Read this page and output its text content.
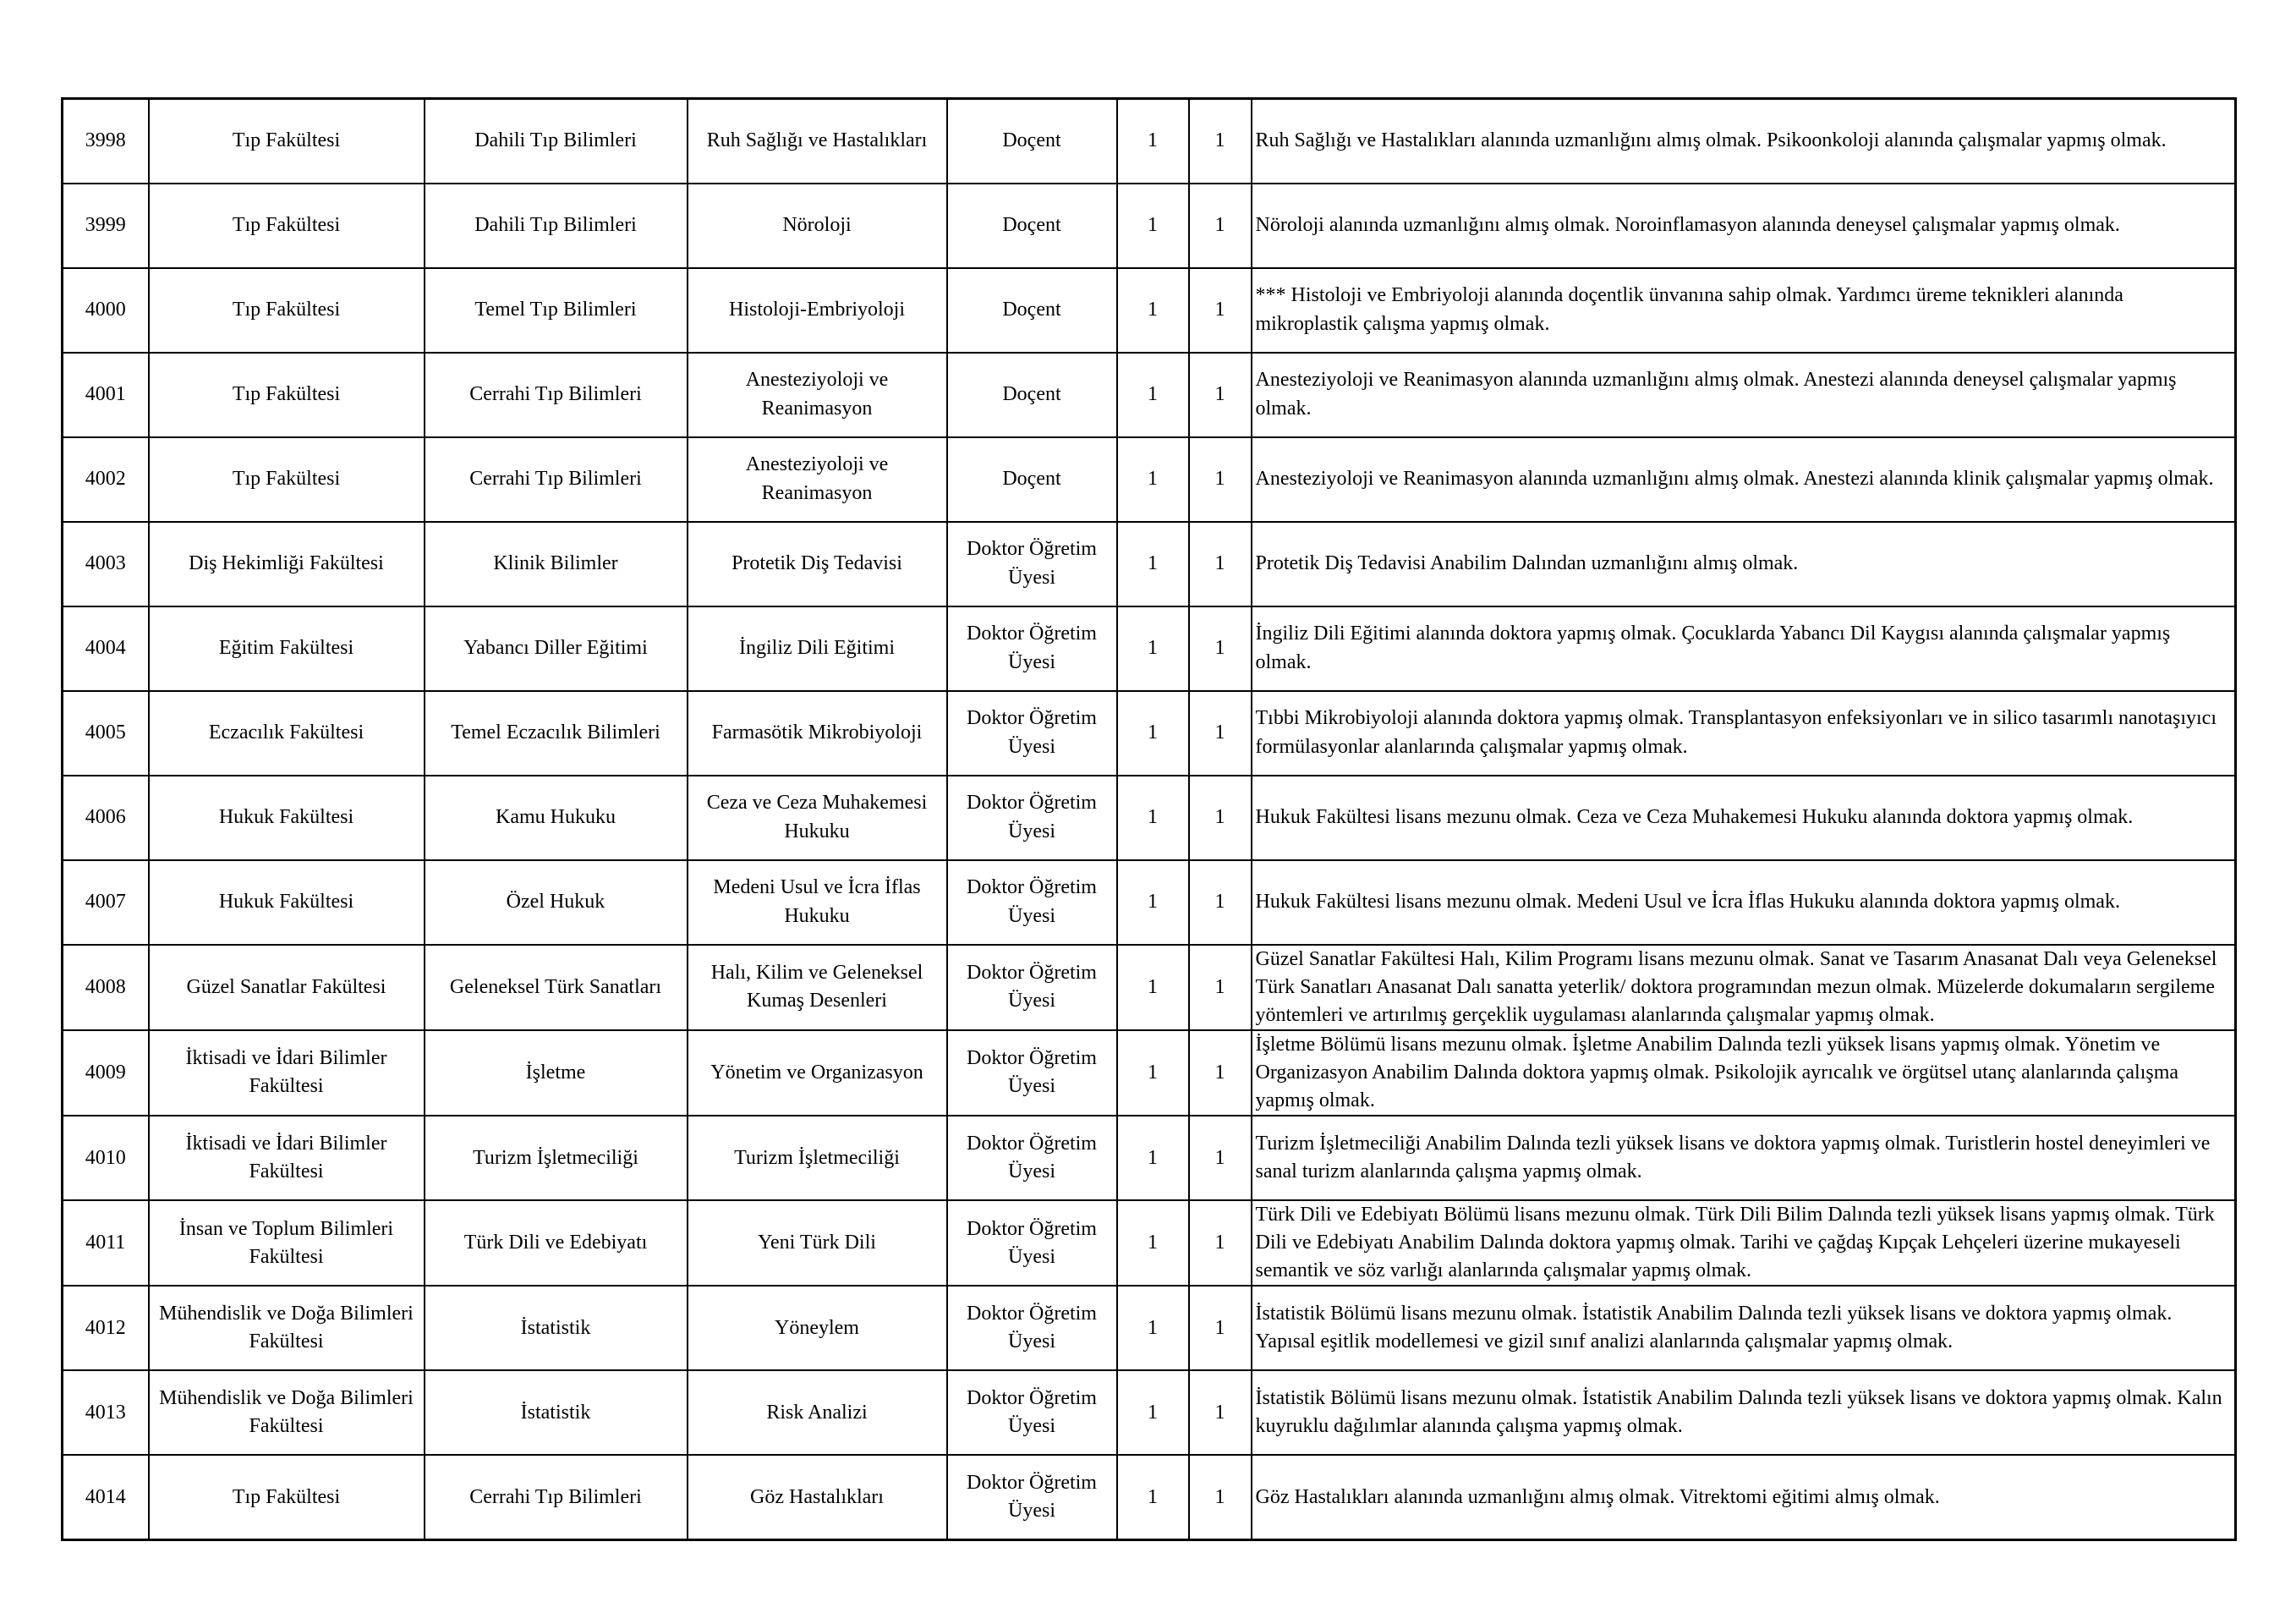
3998	Tıp Fakültesi	Dahili Tıp Bilimleri	Ruh Sağlığı ve Hastalıkları	Doçent	1	1	Ruh Sağlığı ve Hastalıkları alanında uzmanlığını almış olmak. Psikoonkoloji alanında çalışmalar yapmış olmak.
3999	Tıp Fakültesi	Dahili Tıp Bilimleri	Nöroloji	Doçent	1	1	Nöroloji alanında uzmanlığını almış olmak. Noroinflamasyon alanında deneysel çalışmalar yapmış olmak.
4000	Tıp Fakültesi	Temel Tıp Bilimleri	Histoloji-Embriyoloji	Doçent	1	1	*** Histoloji ve Embriyoloji alanında doçentlik ünvanına sahip olmak. Yardımcı üreme teknikleri alanında mikroplastik çalışma yapmış olmak.
4001	Tıp Fakültesi	Cerrahi Tıp Bilimleri	Anesteziyoloji ve Reanimasyon	Doçent	1	1	Anesteziyoloji ve Reanimasyon alanında uzmanlığını almış olmak. Anestezi alanında deneysel çalışmalar yapmış olmak.
4002	Tıp Fakültesi	Cerrahi Tıp Bilimleri	Anesteziyoloji ve Reanimasyon	Doçent	1	1	Anesteziyoloji ve Reanimasyon alanında uzmanlığını almış olmak. Anestezi alanında klinik çalışmalar yapmış olmak.
4003	Diş Hekimliği Fakültesi	Klinik Bilimler	Protetik Diş Tedavisi	Doktor Öğretim Üyesi	1	1	Protetik Diş Tedavisi Anabilim Dalından uzmanlığını almış olmak.
4004	Eğitim Fakültesi	Yabancı Diller Eğitimi	İngiliz Dili Eğitimi	Doktor Öğretim Üyesi	1	1	İngiliz Dili Eğitimi alanında doktora yapmış olmak. Çocuklarda Yabancı Dil Kaygısı alanında çalışmalar yapmış olmak.
4005	Eczacılık Fakültesi	Temel Eczacılık Bilimleri	Farmasötik Mikrobiyoloji	Doktor Öğretim Üyesi	1	1	Tıbbi Mikrobiyoloji alanında doktora yapmış olmak. Transplantasyon enfeksiyonları ve in silico tasarımlı nanotaşıyıcı formülasyonlar alanlarında çalışmalar yapmış olmak.
4006	Hukuk Fakültesi	Kamu Hukuku	Ceza ve Ceza Muhakemesi Hukuku	Doktor Öğretim Üyesi	1	1	Hukuk Fakültesi lisans mezunu olmak. Ceza ve Ceza Muhakemesi Hukuku alanında doktora yapmış olmak.
4007	Hukuk Fakültesi	Özel Hukuk	Medeni Usul ve İcra İflas Hukuku	Doktor Öğretim Üyesi	1	1	Hukuk Fakültesi lisans mezunu olmak. Medeni Usul ve İcra İflas Hukuku alanında doktora yapmış olmak.
4008	Güzel Sanatlar Fakültesi	Geleneksel Türk Sanatları	Halı, Kilim ve Geleneksel Kumaş Desenleri	Doktor Öğretim Üyesi	1	1	Güzel Sanatlar Fakültesi Halı, Kilim Programı lisans mezunu olmak. Sanat ve Tasarım Anasanat Dalı veya Geleneksel Türk Sanatları Anasanat Dalı sanatta yeterlik/ doktora programından mezun olmak. Müzelerde dokumaların sergileme yöntemleri ve artırılmış gerçeklik uygulaması alanlarında çalışmalar yapmış olmak.
4009	İktisadi ve İdari Bilimler Fakültesi	İşletme	Yönetim ve Organizasyon	Doktor Öğretim Üyesi	1	1	İşletme Bölümü lisans mezunu olmak. İşletme Anabilim Dalında tezli yüksek lisans yapmış olmak. Yönetim ve Organizasyon Anabilim Dalında doktora yapmış olmak. Psikolojik ayrıcalık ve örgütsel utanç alanlarında çalışma yapmış olmak.
4010	İktisadi ve İdari Bilimler Fakültesi	Turizm İşletmeciliği	Turizm İşletmeciliği	Doktor Öğretim Üyesi	1	1	Turizm İşletmeciliği Anabilim Dalında tezli yüksek lisans ve doktora yapmış olmak. Turistlerin hostel deneyimleri ve sanal turizm alanlarında çalışma yapmış olmak.
4011	İnsan ve Toplum Bilimleri Fakültesi	Türk Dili ve Edebiyatı	Yeni Türk Dili	Doktor Öğretim Üyesi	1	1	Türk Dili ve Edebiyatı Bölümü lisans mezunu olmak. Türk Dili Bilim Dalında tezli yüksek lisans yapmış olmak. Türk Dili ve Edebiyatı Anabilim Dalında doktora yapmış olmak. Tarihi ve çağdaş Kıpçak Lehçeleri üzerine mukayeseli semantik ve söz varlığı alanlarında çalışmalar yapmış olmak.
4012	Mühendislik ve Doğa Bilimleri Fakültesi	İstatistik	Yöneylem	Doktor Öğretim Üyesi	1	1	İstatistik Bölümü lisans mezunu olmak. İstatistik Anabilim Dalında tezli yüksek lisans ve doktora yapmış olmak. Yapısal eşitlik modellemesi ve gizil sınıf analizi alanlarında çalışmalar yapmış olmak.
4013	Mühendislik ve Doğa Bilimleri Fakültesi	İstatistik	Risk Analizi	Doktor Öğretim Üyesi	1	1	İstatistik Bölümü lisans mezunu olmak. İstatistik Anabilim Dalında tezli yüksek lisans ve doktora yapmış olmak. Kalın kuyruklu dağılımlar alanında çalışma yapmış olmak.
4014	Tıp Fakültesi	Cerrahi Tıp Bilimleri	Göz Hastalıkları	Doktor Öğretim Üyesi	1	1	Göz Hastalıkları alanında uzmanlığını almış olmak. Vitrektomi eğitimi almış olmak.
